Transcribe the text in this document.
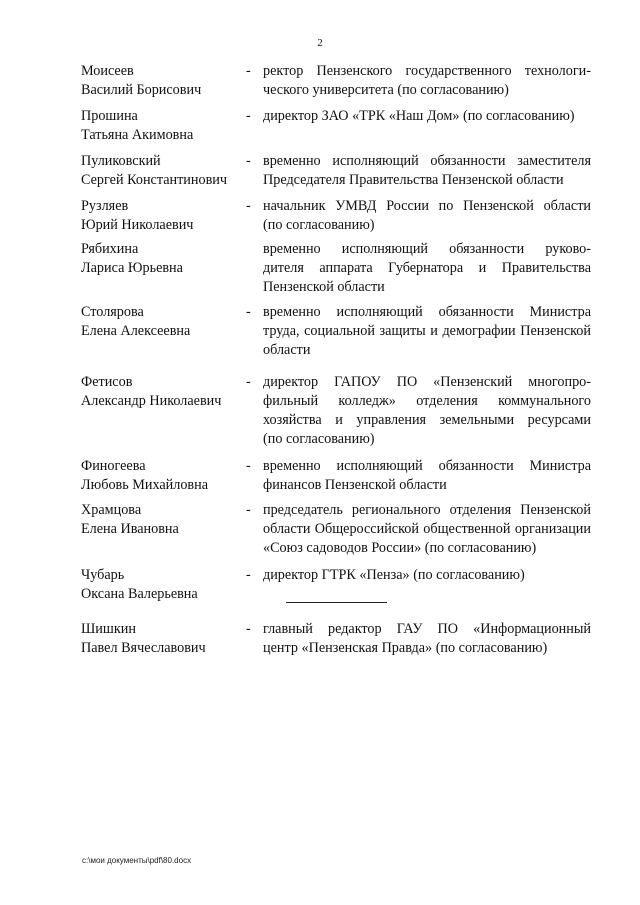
2
Моисеев
Василий Борисович
- ректор Пензенского государственного технологи-
ческого университета (по согласованию)
Прошина
Татьяна Акимовна
- директор ЗАО «ТРК «Наш Дом» (по согласованию)
Пуликовский
Сергей Константинович
- временно исполняющий обязанности заместителя
Председателя Правительства Пензенской области
Рузляев
Юрий Николаевич
- начальник УМВД России по Пензенской области
(по согласованию)
Рябихина
Лариса Юрьевна
временно исполняющий обязанности руково-
дителя аппарата Губернатора и Правительства
Пензенской области
Столярова
Елена Алексеевна
- временно исполняющий обязанности Министра
труда, социальной защиты и демографии Пензенской
области
Фетисов
Александр Николаевич
- директор ГАПОУ ПО «Пензенский многопро-
фильный колледж» отделения коммунального
хозяйства и управления земельными ресурсами
(по согласованию)
Финогеева
Любовь Михайловна
- временно исполняющий обязанности Министра
финансов Пензенской области
Храмцова
Елена Ивановна
- председатель регионального отделения Пензенской
области Общероссийской общественной организации
«Союз садоводов России» (по согласованию)
Чубарь
Оксана Валерьевна
- директор ГТРК «Пенза» (по согласованию)
Шишкин
Павел Вячеславович
- главный редактор ГАУ ПО «Информационный
центр «Пензенская Правда» (по согласованию)
c:\мои документы\pdf\80.docx
